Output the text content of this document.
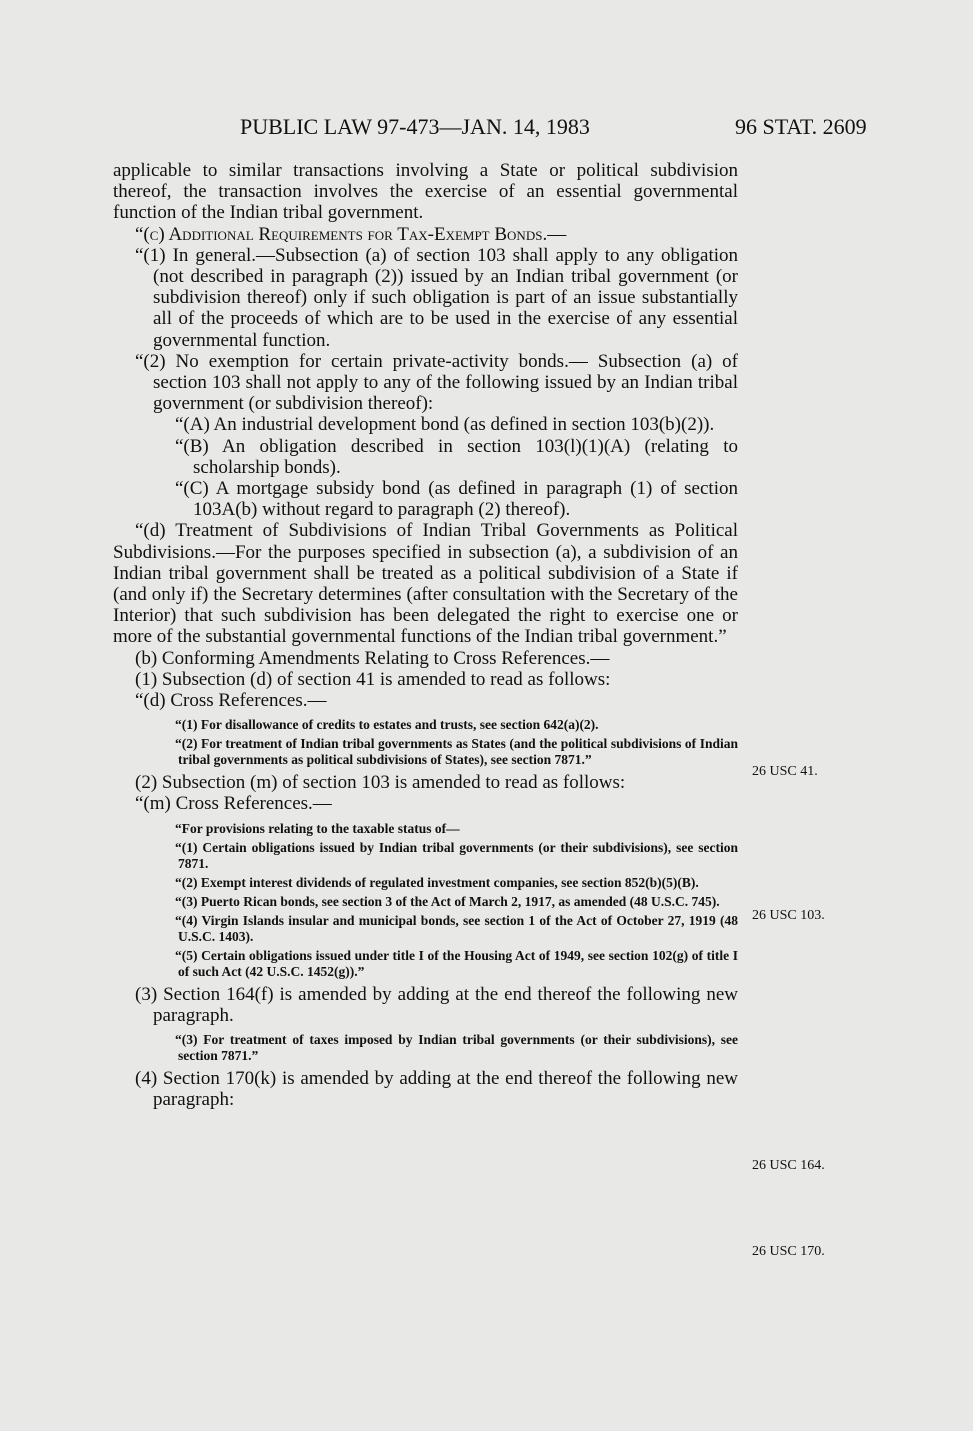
PUBLIC LAW 97-473—JAN. 14, 1983	96 STAT. 2609

applicable to similar transactions involving a State or political subdivision thereof, the transaction involves the exercise of an essential governmental function of the Indian tribal government.

“(c) Additional Requirements for Tax-Exempt Bonds.—

“(1) In general.—Subsection (a) of section 103 shall apply to any obligation (not described in paragraph (2)) issued by an Indian tribal government (or subdivision thereof) only if such obligation is part of an issue substantially all of the proceeds of which are to be used in the exercise of any essential governmental function.

“(2) No exemption for certain private-activity bonds.— Subsection (a) of section 103 shall not apply to any of the following issued by an Indian tribal government (or subdivision thereof):

“(A) An industrial development bond (as defined in section 103(b)(2)).

“(B) An obligation described in section 103(l)(1)(A) (relating to scholarship bonds).

“(C) A mortgage subsidy bond (as defined in paragraph (1) of section 103A(b) without regard to paragraph (2) thereof).

“(d) Treatment of Subdivisions of Indian Tribal Governments as Political Subdivisions.—For the purposes specified in subsection (a), a subdivision of an Indian tribal government shall be treated as a political subdivision of a State if (and only if) the Secretary determines (after consultation with the Secretary of the Interior) that such subdivision has been delegated the right to exercise one or more of the substantial governmental functions of the Indian tribal government.”

(b) Conforming Amendments Relating to Cross References.—

(1) Subsection (d) of section 41 is amended to read as follows:

“(d) Cross References.—

“(1) For disallowance of credits to estates and trusts, see section 642(a)(2).

“(2) For treatment of Indian tribal governments as States (and the political subdivisions of Indian tribal governments as political subdivisions of States), see section 7871.”

(2) Subsection (m) of section 103 is amended to read as follows:

“(m) Cross References.—

“For provisions relating to the taxable status of—

“(1) Certain obligations issued by Indian tribal governments (or their subdivisions), see section 7871.

“(2) Exempt interest dividends of regulated investment companies, see section 852(b)(5)(B).

“(3) Puerto Rican bonds, see section 3 of the Act of March 2, 1917, as amended (48 U.S.C. 745).

“(4) Virgin Islands insular and municipal bonds, see section 1 of the Act of October 27, 1919 (48 U.S.C. 1403).

“(5) Certain obligations issued under title I of the Housing Act of 1949, see section 102(g) of title I of such Act (42 U.S.C. 1452(g)).”

(3) Section 164(f) is amended by adding at the end thereof the following new paragraph.

“(3) For treatment of taxes imposed by Indian tribal governments (or their subdivisions), see section 7871.”

(4) Section 170(k) is amended by adding at the end thereof the following new paragraph:

26 USC 41.
26 USC 103.
26 USC 164.
26 USC 170.
